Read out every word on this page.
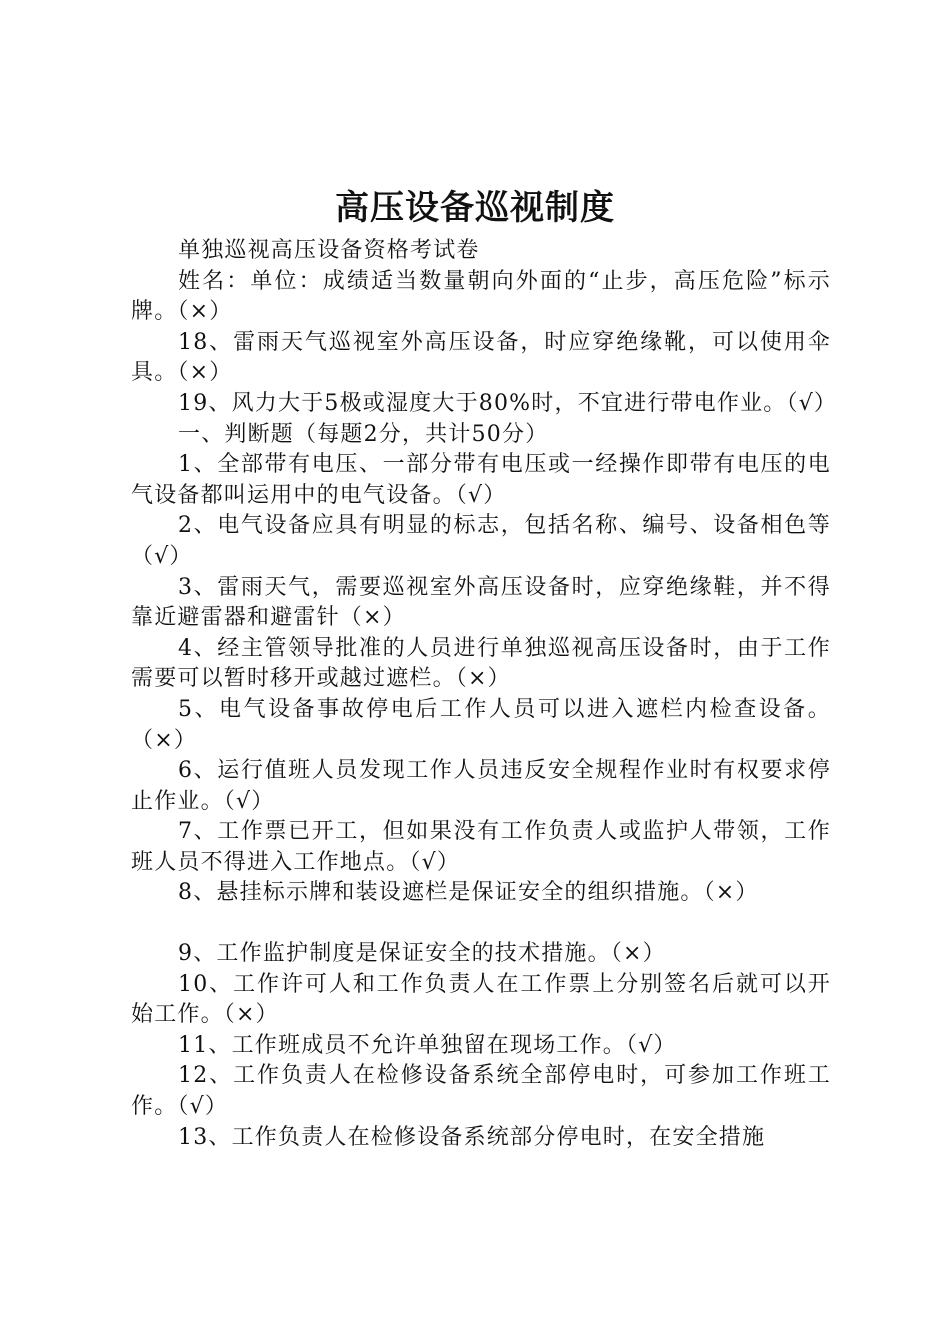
高压设备巡视制度

单独巡视高压设备资格考试卷

姓名：单位：成绩适当数量朝向外面的“止步，高压危险”标示牌。（×）

18、雷雨天气巡视室外高压设备，时应穿绝缘靴，可以使用伞具。（×）

19、风力大于5极或湿度大于80%时，不宜进行带电作业。（√）

一、判断题（每题2分，共计50分）

1、全部带有电压、一部分带有电压或一经操作即带有电压的电气设备都叫运用中的电气设备。（√）

2、电气设备应具有明显的标志，包括名称、编号、设备相色等（√）

3、雷雨天气，需要巡视室外高压设备时，应穿绝缘鞋，并不得靠近避雷器和避雷针（×）

4、经主管领导批准的人员进行单独巡视高压设备时，由于工作需要可以暂时移开或越过遮栏。（×）

5、电气设备事故停电后工作人员可以进入遮栏内检查设备。（×）

6、运行值班人员发现工作人员违反安全规程作业时有权要求停止作业。（√）

7、工作票已开工，但如果没有工作负责人或监护人带领，工作班人员不得进入工作地点。（√）

8、悬挂标示牌和装设遮栏是保证安全的组织措施。（×）

9、工作监护制度是保证安全的技术措施。（×）

10、工作许可人和工作负责人在工作票上分别签名后就可以开始工作。（×）

11、工作班成员不允许单独留在现场工作。（√）

12、工作负责人在检修设备系统全部停电时，可参加工作班工作。（√）

13、工作负责人在检修设备系统部分停电时，在安全措施
